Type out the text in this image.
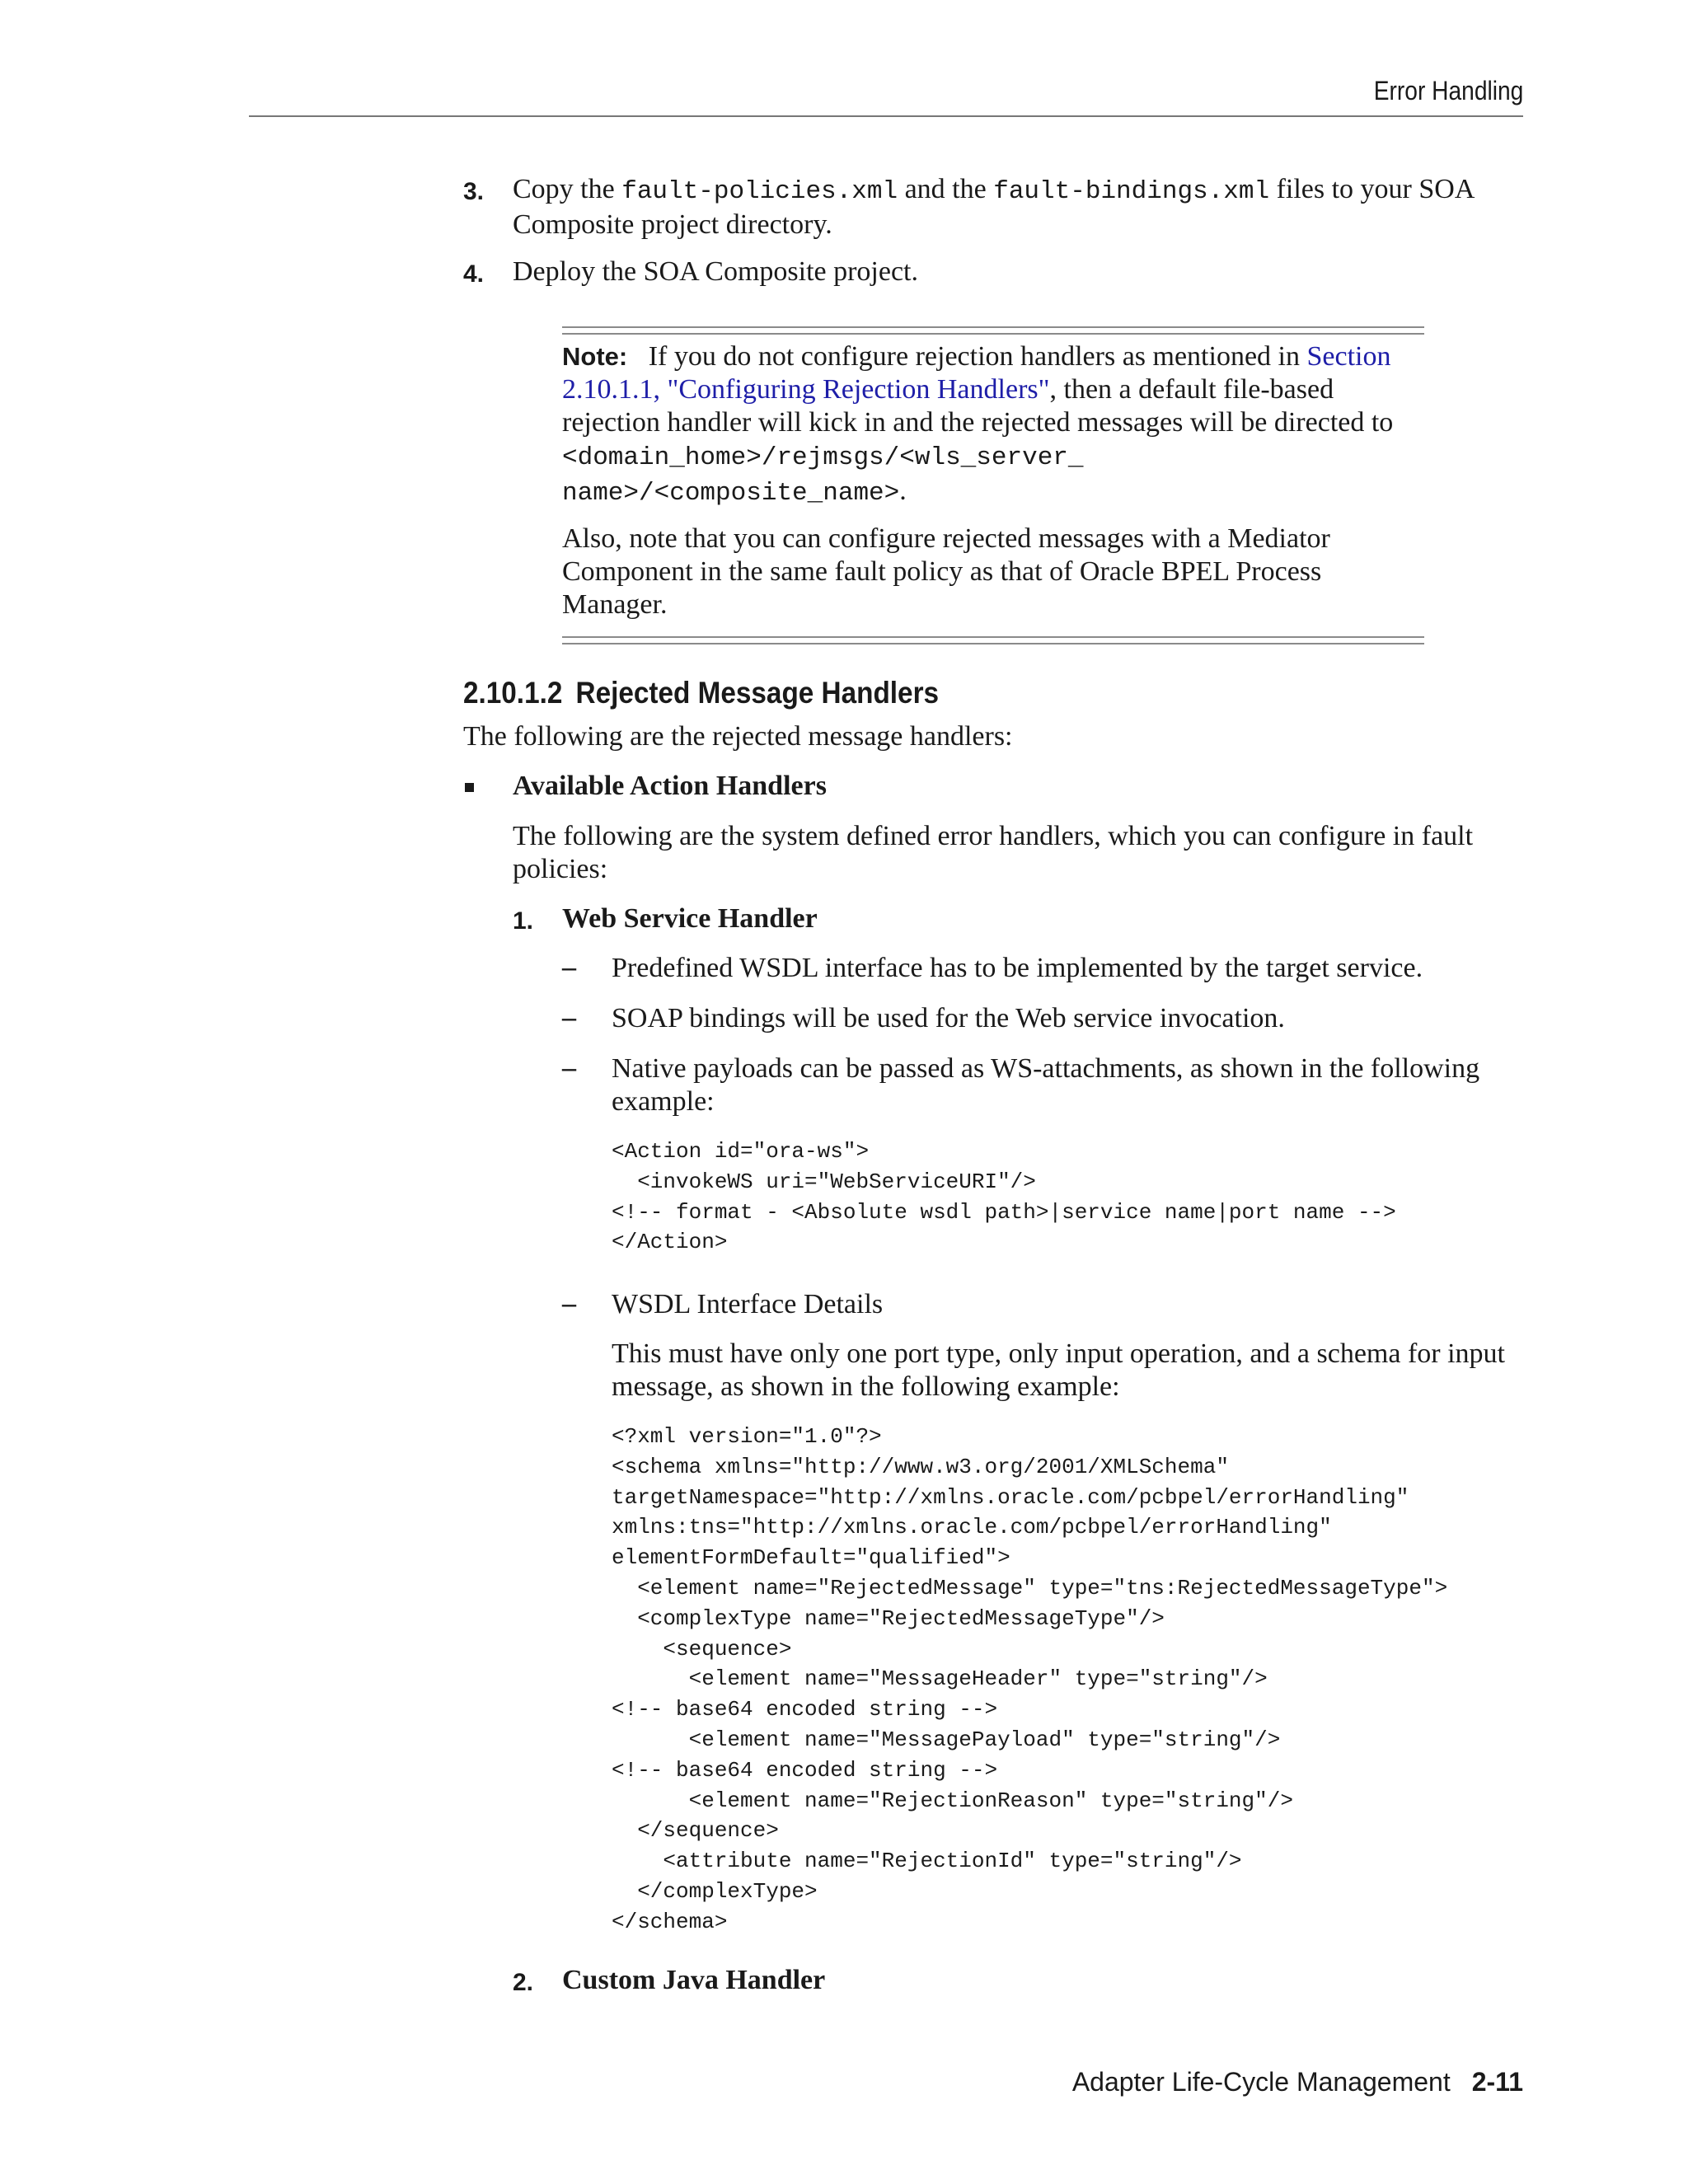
Error Handling
3. Copy the fault-policies.xml and the fault-bindings.xml files to your SOA Composite project directory.

4. Deploy the SOA Composite project.

Note: If you do not configure rejection handlers as mentioned in Section 2.10.1.1, "Configuring Rejection Handlers", then a default file-based rejection handler will kick in and the rejected messages will be directed to <domain_home>/rejmsgs/<wls_server_ name>/<composite_name>.

Also, note that you can configure rejected messages with a Mediator Component in the same fault policy as that of Oracle BPEL Process Manager.

2.10.1.2 Rejected Message Handlers

The following are the rejected message handlers:

Available Action Handlers

The following are the system defined error handlers, which you can configure in fault policies:

1. Web Service Handler

– Predefined WSDL interface has to be implemented by the target service.

– SOAP bindings will be used for the Web service invocation.

– Native payloads can be passed as WS-attachments, as shown in the following example:

<Action id="ora-ws">
<invokeWS uri="WebServiceURI"/>
<!-- format - <Absolute wsdl path>|service name|port name -->
</Action>
– WSDL Interface Details

This must have only one port type, only input operation, and a schema for input message, as shown in the following example:

<?xml version="1.0"?>
<schema xmlns="http://www.w3.org/2001/XMLSchema"
targetNamespace="http://xmlns.oracle.com/pcbpel/errorHandling"
xmlns:tns="http://xmlns.oracle.com/pcbpel/errorHandling"
elementFormDefault="qualified">
<element name="RejectedMessage" type="tns:RejectedMessageType">
<complexType name="RejectedMessageType"/>
<sequence>
<element name="MessageHeader" type="string"/>
<!-- base64 encoded string -->
<element name="MessagePayload" type="string"/>
<!-- base64 encoded string -->
<element name="RejectionReason" type="string"/>
</sequence>
<attribute name="RejectionId" type="string"/>
</complexType>
</schema>
2. Custom Java Handler

Adapter Life-Cycle Management 2-11
